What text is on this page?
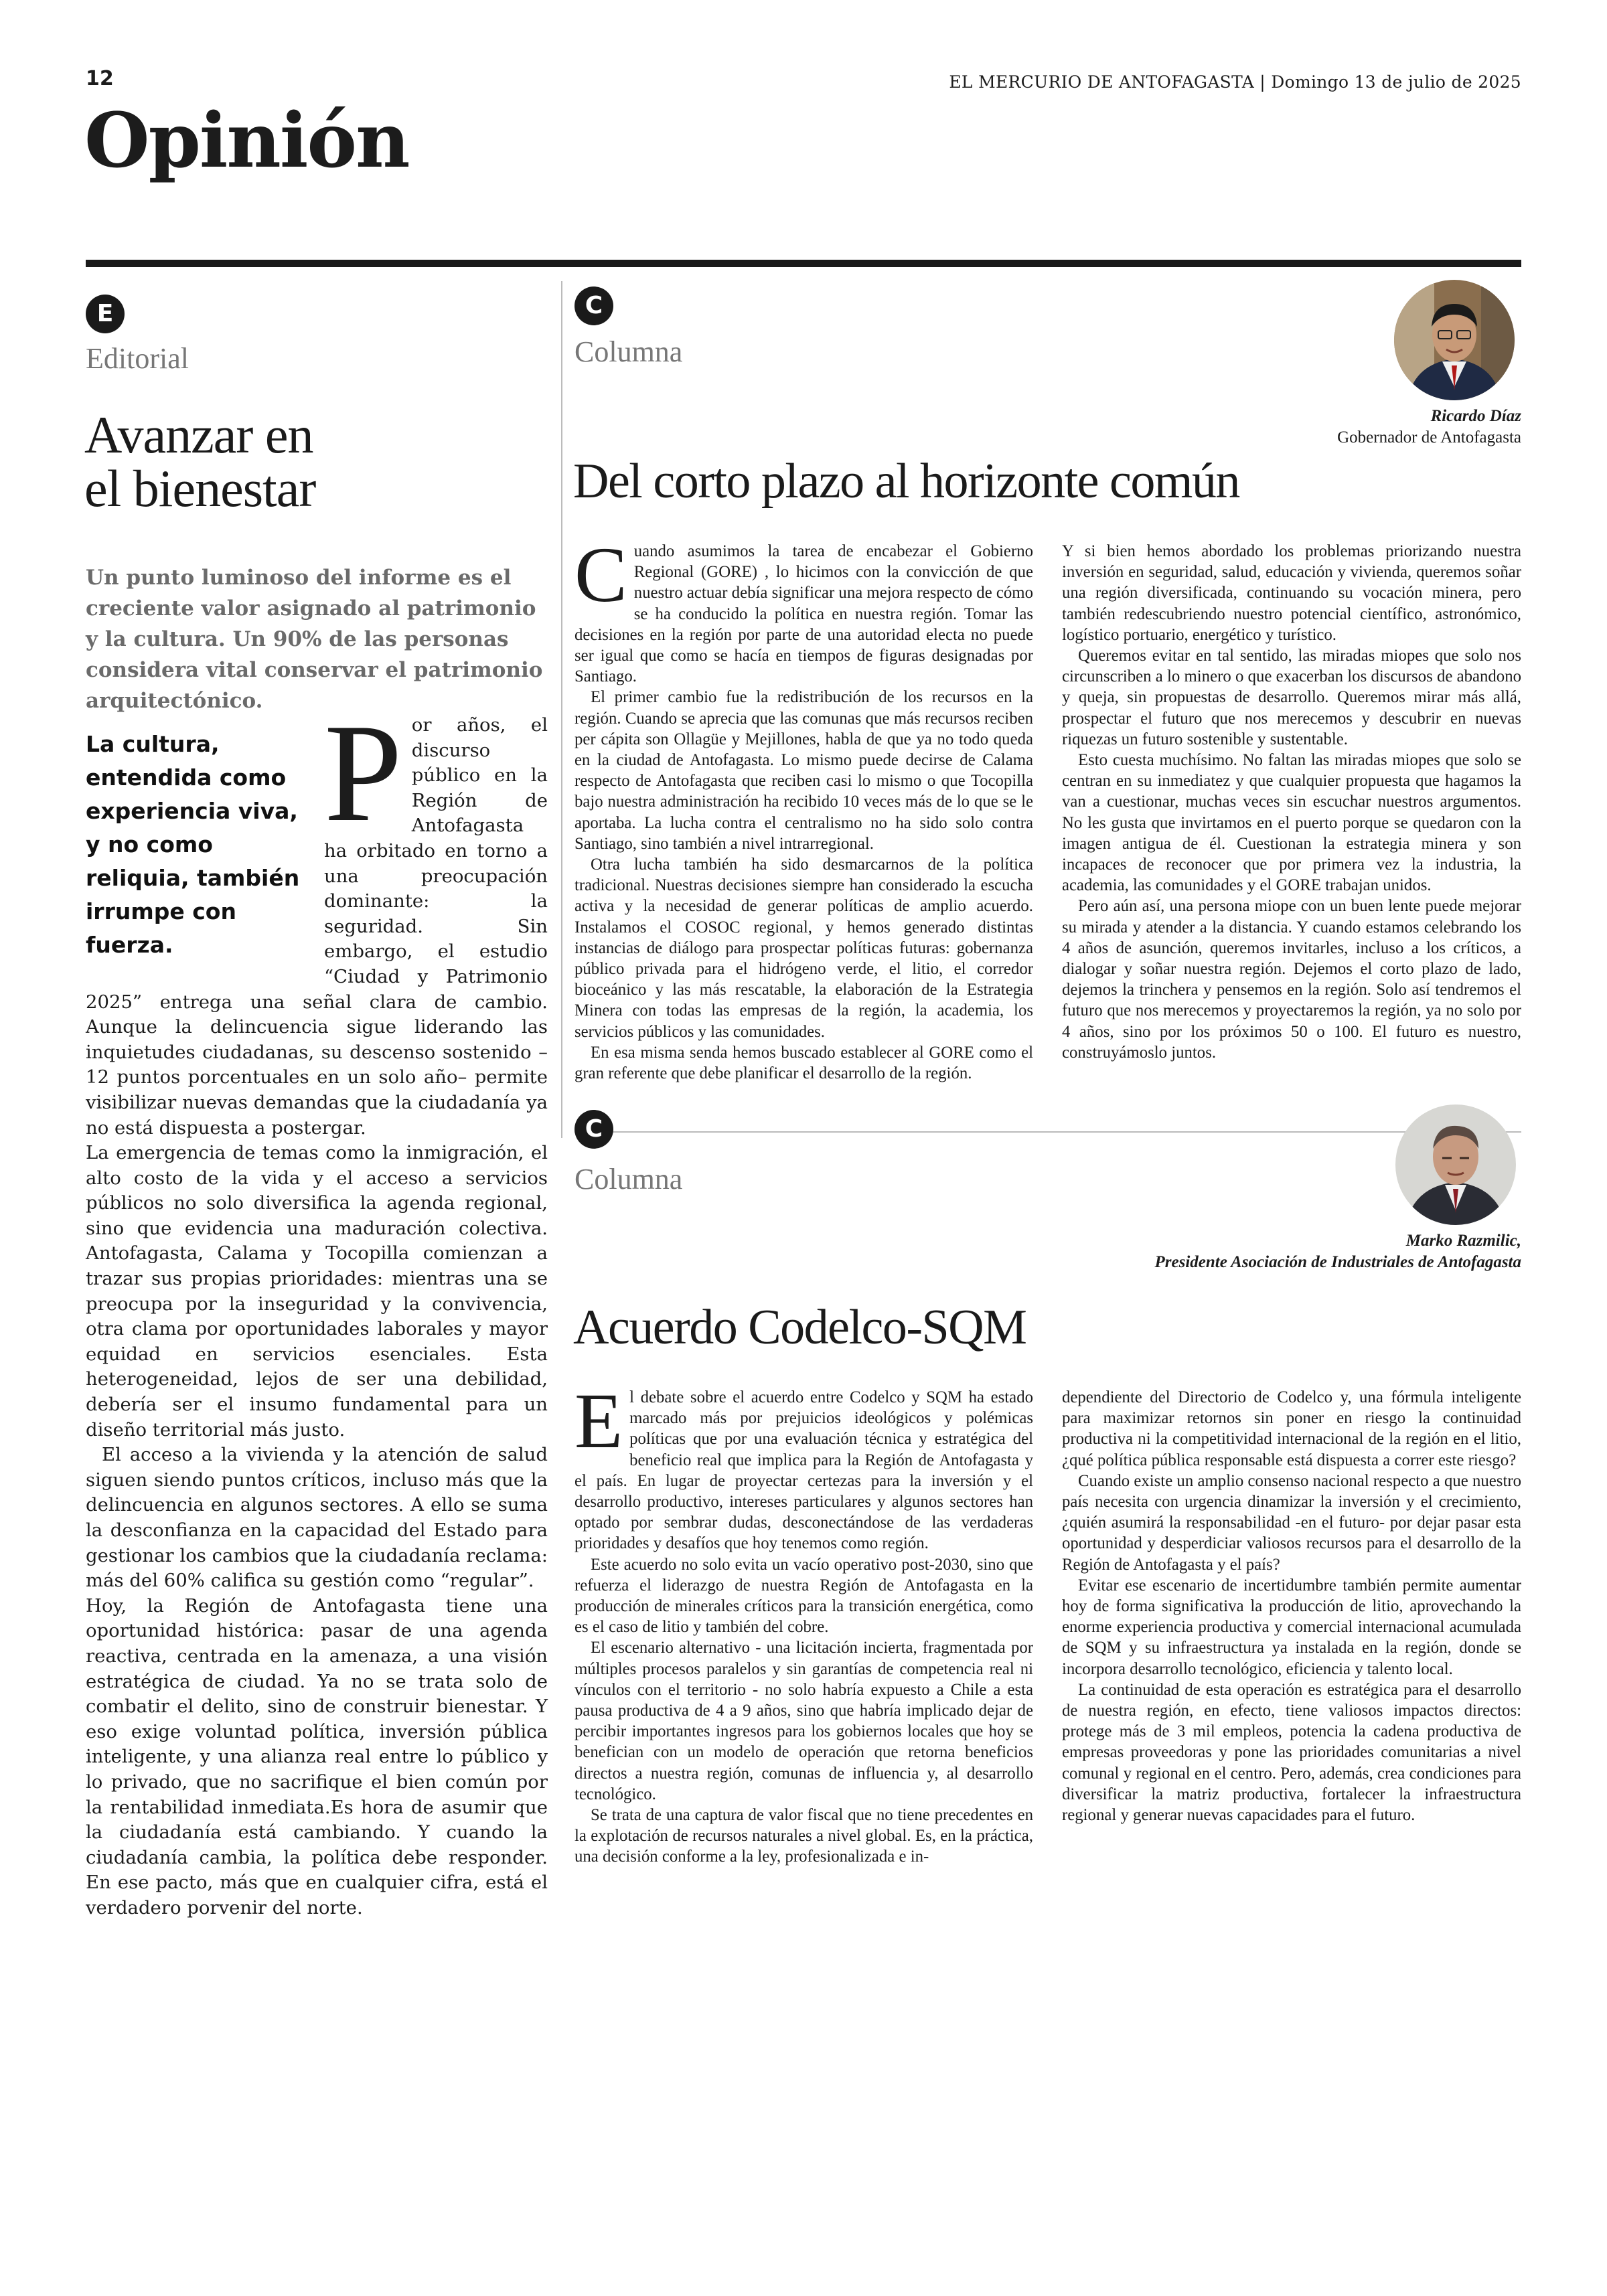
12	EL MERCURIO DE ANTOFAGASTA | Domingo 13 de julio de 2025
Opinión
E
Editorial
Avanzar en
el bienestar
Un punto luminoso del informe es el creciente valor asignado al patrimonio y la cultura. Un 90% de las personas considera vital conservar el patrimonio arquitectónico.
La cultura, entendida como experiencia viva, y no como reliquia, también irrumpe con fuerza.
P or años, el discurso público en la Región de Antofagasta ha orbitado en torno a una preocupación dominante: la seguridad. Sin embargo, el estudio “Ciudad y Patrimonio 2025” entrega una señal clara de cambio. Aunque la delincuencia sigue liderando las inquietudes ciudadanas, su descenso sostenido –12 puntos porcentuales en un solo año– permite visibilizar nuevas demandas que la ciudadanía ya no está dispuesta a postergar.

La emergencia de temas como la inmigración, el alto costo de la vida y el acceso a servicios públicos no solo diversifica la agenda regional, sino que evidencia una maduración colectiva. Antofagasta, Calama y Tocopilla comienzan a trazar sus propias prioridades: mientras una se preocupa por la inseguridad y la convivencia, otra clama por oportunidades laborales y mayor equidad en servicios esenciales. Esta heterogeneidad, lejos de ser una debilidad, debería ser el insumo fundamental para un diseño territorial más justo.

El acceso a la vivienda y la atención de salud siguen siendo puntos críticos, incluso más que la delincuencia en algunos sectores. A ello se suma la desconfianza en la capacidad del Estado para gestionar los cambios que la ciudadanía reclama: más del 60% califica su gestión como “regular”.

Hoy, la Región de Antofagasta tiene una oportunidad histórica: pasar de una agenda reactiva, centrada en la amenaza, a una visión estratégica de ciudad. Ya no se trata solo de combatir el delito, sino de construir bienestar. Y eso exige voluntad política, inversión pública inteligente, y una alianza real entre lo público y lo privado, que no sacrifique el bien común por la rentabilidad inmediata.Es hora de asumir que la ciudadanía está cambiando. Y cuando la ciudadanía cambia, la política debe responder. En ese pacto, más que en cualquier cifra, está el verdadero porvenir del norte.

C
Columna
Ricardo Díaz
Gobernador de Antofagasta
Del corto plazo al horizonte común
C uando asumimos la tarea de encabezar el Gobierno Regional (GORE) , lo hicimos con la convicción de que nuestro actuar debía significar una mejora respecto de cómo se ha conducido la política en nuestra región. Tomar las decisiones en la región por parte de una autoridad electa no puede ser igual que como se hacía en tiempos de figuras designadas por Santiago.

El primer cambio fue la redistribución de los recursos en la región. Cuando se aprecia que las comunas que más recursos reciben per cápita son Ollagüe y Mejillones, habla de que ya no todo queda en la ciudad de Antofagasta. Lo mismo puede decirse de Calama respecto de Antofagasta que reciben casi lo mismo o que Tocopilla bajo nuestra administración ha recibido 10 veces más de lo que se le aportaba. La lucha contra el centralismo no ha sido solo contra Santiago, sino también a nivel intrarregional.

Otra lucha también ha sido desmarcarnos de la política tradicional. Nuestras decisiones siempre han considerado la escucha activa y la necesidad de generar políticas de amplio acuerdo. Instalamos el COSOC regional, y hemos generado distintas instancias de diálogo para prospectar políticas futuras: gobernanza público privada para el hidrógeno verde, el litio, el corredor bioceánico y las más rescatable, la elaboración de la Estrategia Minera con todas las empresas de la región, la academia, los servicios públicos y las comunidades.

En esa misma senda hemos buscado establecer al GORE como el gran referente que debe planificar el desarrollo de la región.

Y si bien hemos abordado los problemas priorizando nuestra inversión en seguridad, salud, educación y vivienda, queremos soñar una región diversificada, continuando su vocación minera, pero también redescubriendo nuestro potencial científico, astronómico, logístico portuario, energético y turístico.

Queremos evitar en tal sentido, las miradas miopes que solo nos circunscriben a lo minero o que exacerban los discursos de abandono y queja, sin propuestas de desarrollo. Queremos mirar más allá, prospectar el futuro que nos merecemos y descubrir en nuevas riquezas un futuro sostenible y sustentable.

Esto cuesta muchísimo. No faltan las miradas miopes que solo se centran en su inmediatez y que cualquier propuesta que hagamos la van a cuestionar, muchas veces sin escuchar nuestros argumentos. No les gusta que invirtamos en el puerto porque se quedaron con la imagen antigua de él. Cuestionan la estrategia minera y son incapaces de reconocer que por primera vez la industria, la academia, las comunidades y el GORE trabajan unidos.

Pero aún así, una persona miope con un buen lente puede mejorar su mirada y atender a la distancia. Y cuando estamos celebrando los 4 años de asunción, queremos invitarles, incluso a los críticos, a dialogar y soñar nuestra región. Dejemos el corto plazo de lado, dejemos la trinchera y pensemos en la región. Solo así tendremos el futuro que nos merecemos y proyectaremos la región, ya no solo por 4 años, sino por los próximos 50 o 100. El futuro es nuestro, construyámoslo juntos.

C
Columna
Marko Razmilic,
Presidente Asociación de Industriales de Antofagasta
Acuerdo Codelco-SQM
E l debate sobre el acuerdo entre Codelco y SQM ha estado marcado más por prejuicios ideológicos y polémicas políticas que por una evaluación técnica y estratégica del beneficio real que implica para la Región de Antofagasta y el país. En lugar de proyectar certezas para la inversión y el desarrollo productivo, intereses particulares y algunos sectores han optado por sembrar dudas, desconectándose de las verdaderas prioridades y desafíos que hoy tenemos como región.

Este acuerdo no solo evita un vacío operativo post-2030, sino que refuerza el liderazgo de nuestra Región de Antofagasta en la producción de minerales críticos para la transición energética, como es el caso de litio y también del cobre.

El escenario alternativo - una licitación incierta, fragmentada por múltiples procesos paralelos y sin garantías de competencia real ni vínculos con el territorio - no solo habría expuesto a Chile a esta pausa productiva de 4 a 9 años, sino que habría implicado dejar de percibir importantes ingresos para los gobiernos locales que hoy se benefician con un modelo de operación que retorna beneficios directos a nuestra región, comunas de influencia y, al desarrollo tecnológico.

Se trata de una captura de valor fiscal que no tiene precedentes en la explotación de recursos naturales a nivel global. Es, en la práctica, una decisión conforme a la ley, profesionalizada e in-

dependiente del Directorio de Codelco y, una fórmula inteligente para maximizar retornos sin poner en riesgo la continuidad productiva ni la competitividad internacional de la región en el litio, ¿qué política pública responsable está dispuesta a correr este riesgo?

Cuando existe un amplio consenso nacional respecto a que nuestro país necesita con urgencia dinamizar la inversión y el crecimiento, ¿quién asumirá la responsabilidad -en el futuro- por dejar pasar esta oportunidad y desperdiciar valiosos recursos para el desarrollo de la Región de Antofagasta y el país?

Evitar ese escenario de incertidumbre también permite aumentar hoy de forma significativa la producción de litio, aprovechando la enorme experiencia productiva y comercial internacional acumulada de SQM y su infraestructura ya instalada en la región, donde se incorpora desarrollo tecnológico, eficiencia y talento local.

La continuidad de esta operación es estratégica para el desarrollo de nuestra región, en efecto, tiene valiosos impactos directos: protege más de 3 mil empleos, potencia la cadena productiva de empresas proveedoras y pone las prioridades comunitarias a nivel comunal y regional en el centro. Pero, además, crea condiciones para diversificar la matriz productiva, fortalecer la infraestructura regional y generar nuevas capacidades para el futuro.
